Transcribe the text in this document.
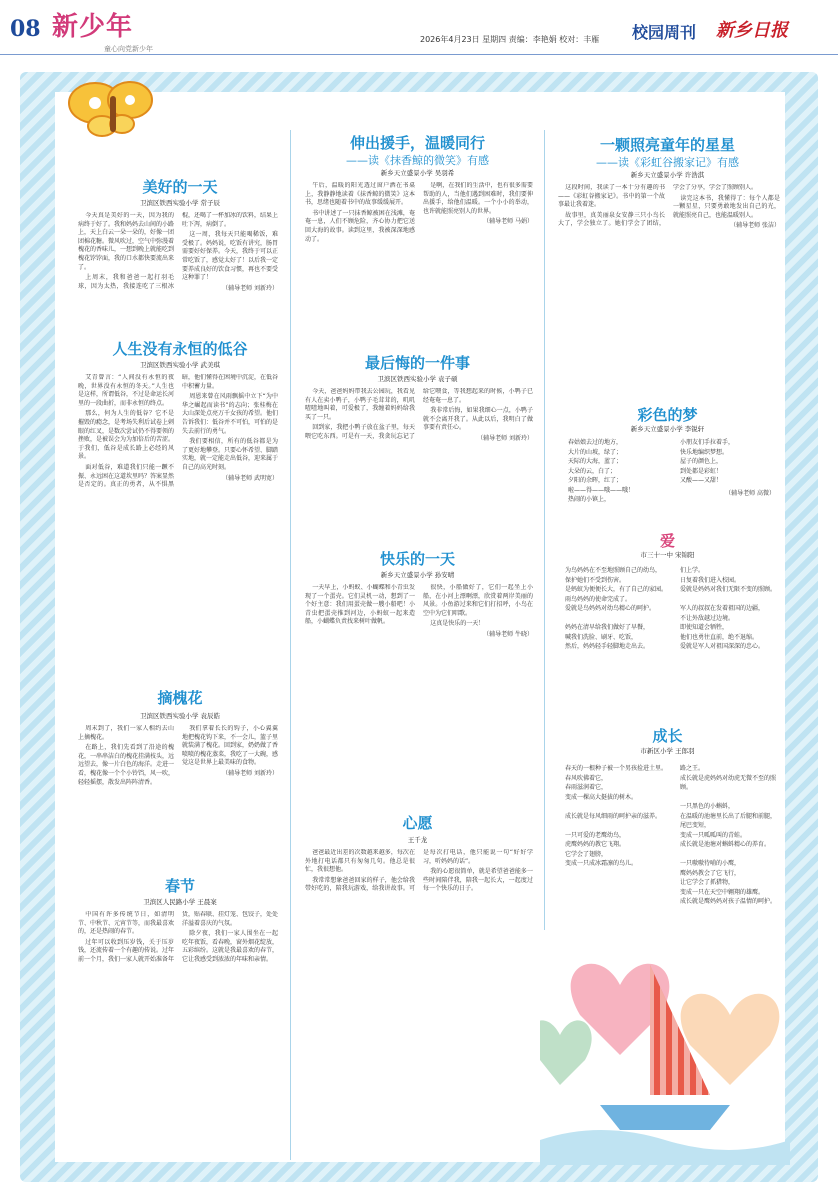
08 新少年
童心向党新少年
2026年4月23日 星期四 责编：李艳娟 校对：丰雁 校园周刊 新乡日报
美好的一天
卫滨区铁西实验小学 常子辰

今天真是美好的一天，因为我的病终于好了。我和妈妈去山间的小路上，天上白云一朵一朵的，好像一团团棉花糖。微风吹过，空气中弥漫着槐花的香味儿，一想到晚上就能吃到槐花饽饽面，我的口水都快要流出来了。

上周末，我和爸爸一起打羽毛球，因为太热，我接连吃了三根冰棍，还喝了一杯加冰的饮料，结果上吐下泻，病倒了。

这一周，我每天只能喝稀饭，难受极了。妈妈说，吃饭有讲究，肠胃需要好好保养。今天，我终于可以正常吃饭了，感觉太好了！以后我一定要养成良好的饮食习惯，再也不要受这种罪了！

（辅导老师 刘新玲）
人生没有永恒的低谷
卫滨区铁西实验小学 武美琪

艾青曾言：“人间没有永恒的夜晚，世界没有永恒的冬天。”人生也是这样，所谓低谷，不过是命运长河里的一段曲折，而非永恒的终点。

那么，何为人生的低谷？它不是摧毁的瘾念，是考场失利后试卷上刺眼的红叉，是数次尝试仍不得要领的挫败，是被误会为为加倍后的苦涩。于我们，低谷是成长路上必经的风景。

面对低谷，难道我们只能一蹶不振、永远困在这道坎里吗？答案显然是否定的。真正的勇者，从不惧黑暗，他们懂得在困境中沉淀，在低谷中积蓄力量。

周恩来曾在风雨飘摇中立下“为中华之崛起而读书”的志向；张桂梅在大山深处点亮万千女孩的希望。他们告诉我们：低谷并不可怕，可怕的是失去前行的勇气。

我们要相信，所有的低谷都是为了更好地攀登。只要心怀希望、脚踏实地，就一定能走出低谷，迎来属于自己的高光时刻。

（辅导老师 武明宽）
摘槐花
卫滨区铁西实验小学 袁辰皓

周末到了，我们一家人相约去山上摘槐花。

在路上，我们先看到了沿途的槐花，一串串洁白的槐花挂满枝头，远远望去，像一片白色的海洋。走进一看，槐花像一个个小铃铛，风一吹，轻轻摇摆，散发出阵阵清香。

我们拿着长长的钩子，小心翼翼地把槐花钩下来，不一会儿，篮子里就装满了槐花。回到家，奶奶做了香喷喷的槐花蒸菜，我吃了一大碗，感觉这是世界上最美味的食物。

（辅导老师 刘新玲）
春节
卫滨区人民路小学 王晨案

中国有许多传统节日，如清明节、中秋节、元宵节等，而我最喜欢的，还是热闹的春节。

过年可以收到压岁钱，关于压岁钱，还流传着一个有趣的传说。过年前一个月，我们一家人就开始准备年货，贴春联、挂灯笼、包饺子，处处洋溢着喜庆的气氛。

除夕夜，我们一家人围坐在一起吃年夜饭，看春晚，窗外烟花绽放，五彩缤纷。这就是我最喜欢的春节，它让我感受到浓浓的年味和亲情。

伸出援手，温暖同行
——读《抹香鲸的微笑》有感
新乡天立盛景小学 吴羽希

午后，温暖的阳光透过窗户洒在书桌上，我静静地读着《抹香鲸的微笑》这本书，思绪也随着书中的故事缓缓展开。

书中讲述了一只抹香鲸被困在浅滩，奄奄一息，人们不顾危险，齐心协力把它送回大海的故事。读到这里，我被深深地感动了。

是啊，在我们的生活中，也有很多需要帮助的人，当他们遇到困难时，我们要伸出援手，给他们温暖。一个小小的举动，也许就能照亮别人的世界。

（辅导老师 马娟）
最后悔的一件事
卫滨区铁西实验小学 袁子硕

今天，爸爸妈妈带我去公园玩，我看见有人在卖小鸭子，小鸭子毛茸茸的，叽叽喳喳地叫着，可爱极了，我缠着妈妈给我买了一只。

回到家，我把小鸭子放在盆子里，每天喂它吃东西。可是有一天，我贪玩忘记了给它喂食，等我想起来的时候，小鸭子已经奄奄一息了。

我非常后悔，如果我细心一点，小鸭子就不会离开我了。从此以后，我明白了做事要有责任心。

（辅导老师 刘新玲）
快乐的一天
新乡天立盛景小学 孙安晴

一天早上，小蚂蚁、小蝴蝶和小青虫发现了一个蛋壳。它们灵机一动，想到了一个好主意：我们用蛋壳做一艘小船吧！小青虫把蛋壳推到河边，小蚂蚁一起来造船，小蝴蝶负责找来树叶做帆。

很快，小船做好了，它们一起坐上小船，在小河上漂啊漂，欣赏着两岸美丽的风景。小鱼游过来和它们打招呼，小鸟在空中为它们唱歌。

这真是快乐的一天！

（辅导老师 牛晓）
心愿
王千龙

爸爸最近出差的次数越来越多，每次在外地打电话都只有匆匆几句。他总是很忙，我很想他。

我常常想象爸爸回家的样子，他会给我带好吃的，陪我玩游戏，给我讲故事。可是每次打电话，他只能说一句“好好学习，听妈妈的话”。

我的心愿很简单，就是希望爸爸能多一些时间陪伴我，陪我一起长大，一起度过每一个快乐的日子。

一颗照亮童年的星星
——读《彩虹谷搬家记》有感
新乡天立盛景小学 许浩淇

这段时间，我读了一本十分有趣的书——《彩虹谷搬家记》。书中的第一个故事最让我着迷。

故事里，真美丽泉女安静三只小鸟长大了，学会独立了。她们学会了团结，学会了分享，学会了照顾别人。

读完这本书，我懂得了：每个人都是一颗星星，只要勇敢地发出自己的光，就能照亮自己，也能温暖别人。

（辅导老师 张洁）
彩色的梦
新乡天立盛景小学 李锐轩
春姑娘去过的地方，
大片的山坡，绿了；
天际的大海，蓝了；
大朵的云，白了；
夕阳的余晖，红了；
啦——得——哦——哦！
热闹的小镇上，
小朋友们手拉着手，
快乐地编织梦想。
屋子的颜色上，
到处都是彩虹！
又酸——又甜！
（辅导老师 高微）
爱
市三十一中 宋锦阳
为鸟妈妈在不至地照顾自己的幼鸟，
保护她们不受到伤害。
是蚂蚁为便便长大，有了自己的家园。
雨鸟妈妈的使命完成了。
爱就是鸟妈妈对幼鸟精心的呵护。

妈妈在清早给我们做好了早餐，
喊我们洗脸、刷牙、吃饭，
然后，妈妈轻手轻脚地走出去。
们上学。
日复着我们进入校园。
爱就是妈妈对我们无限不变的照顾。

军人的叔叔在发着祖国的边疆，
不让外敌越过边境。
即使知道会牺牲，
他们也勇往直前，绝不退缩。
爱就是军人对祖国深深的忠心。
成长
市新区小学 王郎羽
春天的一根种子被一个男孩捡进土里。
春风吹佛着它，
春雨滋润着它，
变成一棵高大挺拔的树木。

成长就是每风细雨的呵护亲的滋养。

一只可爱的老鹰幼鸟，
虎鹰妈妈的教它飞翔。
它学会了翅膀，
变成一只成冰霜凛的鸟儿。
路之王。
成长就是虎妈妈对幼虎无微不至的照顾。

一只黑色的小蝌蚪，
在温暖的池塘里长出了后腿和前腿，
尾巴变短，
变成一只呱呱叫的青蛙。
成长就是池塘对蝌蚪精心的养育。

一只嗷嗷待哺的小鹰，
鹰妈妈教会了它飞行，
让它学会了抓猎物，
变成一只在天空中翱翔的雄鹰。
成长就是鹰妈妈对孩子温情的呵护。
